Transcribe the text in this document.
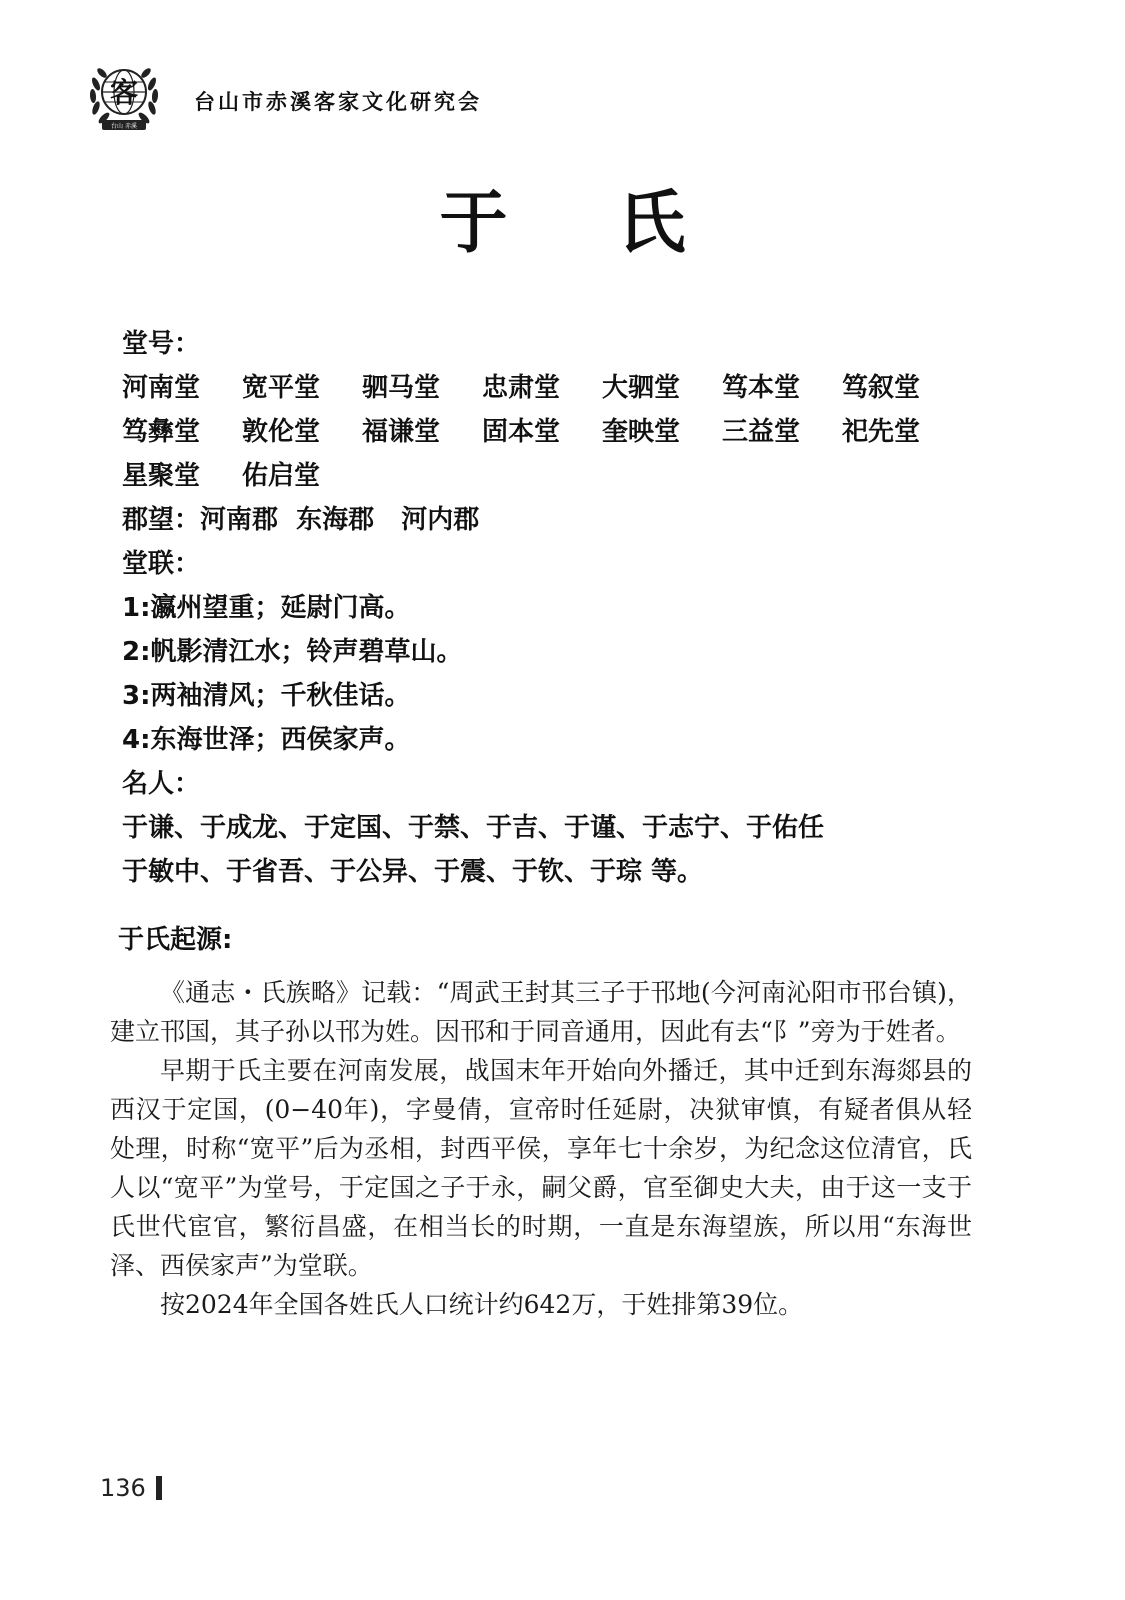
客
台山 赤溪
台山市赤溪客家文化研究会
于 氏
堂号：
河南堂	宽平堂	驷马堂	忠肃堂	大驷堂	笃本堂	笃叙堂
笃彝堂	敦伦堂	福谦堂	固本堂	奎映堂	三益堂	祀先堂
星聚堂	佑启堂
郡望：河南郡  东海郡   河内郡
堂联：
1:瀛州望重；延尉门高。
2:帆影清江水；铃声碧草山。
3:两袖清风；千秋佳话。
4:东海世泽；西侯家声。
名人：
于谦、于成龙、于定国、于禁、于吉、于谨、于志宁、于佑任
于敏中、于省吾、于公异、于震、于钦、于琮 等。
于氏起源:

《通志・氏族略》记载：“周武王封其三子于邗地(今河南沁阳市邗台镇)，建立邗国，其子孙以邗为姓。因邗和于同音通用，因此有去“阝”旁为于姓者。

早期于氏主要在河南发展，战国末年开始向外播迁，其中迁到东海郯县的西汉于定国，(0−40年)，字曼倩，宣帝时任延尉，决狱审慎，有疑者俱从轻处理，时称“宽平”后为丞相，封西平侯，享年七十余岁，为纪念这位清官，氏人以“宽平”为堂号，于定国之子于永，嗣父爵，官至御史大夫，由于这一支于氏世代宦官，繁衍昌盛，在相当长的时期，一直是东海望族，所以用“东海世泽、西侯家声”为堂联。

按2024年全国各姓氏人口统计约642万，于姓排第39位。

136
